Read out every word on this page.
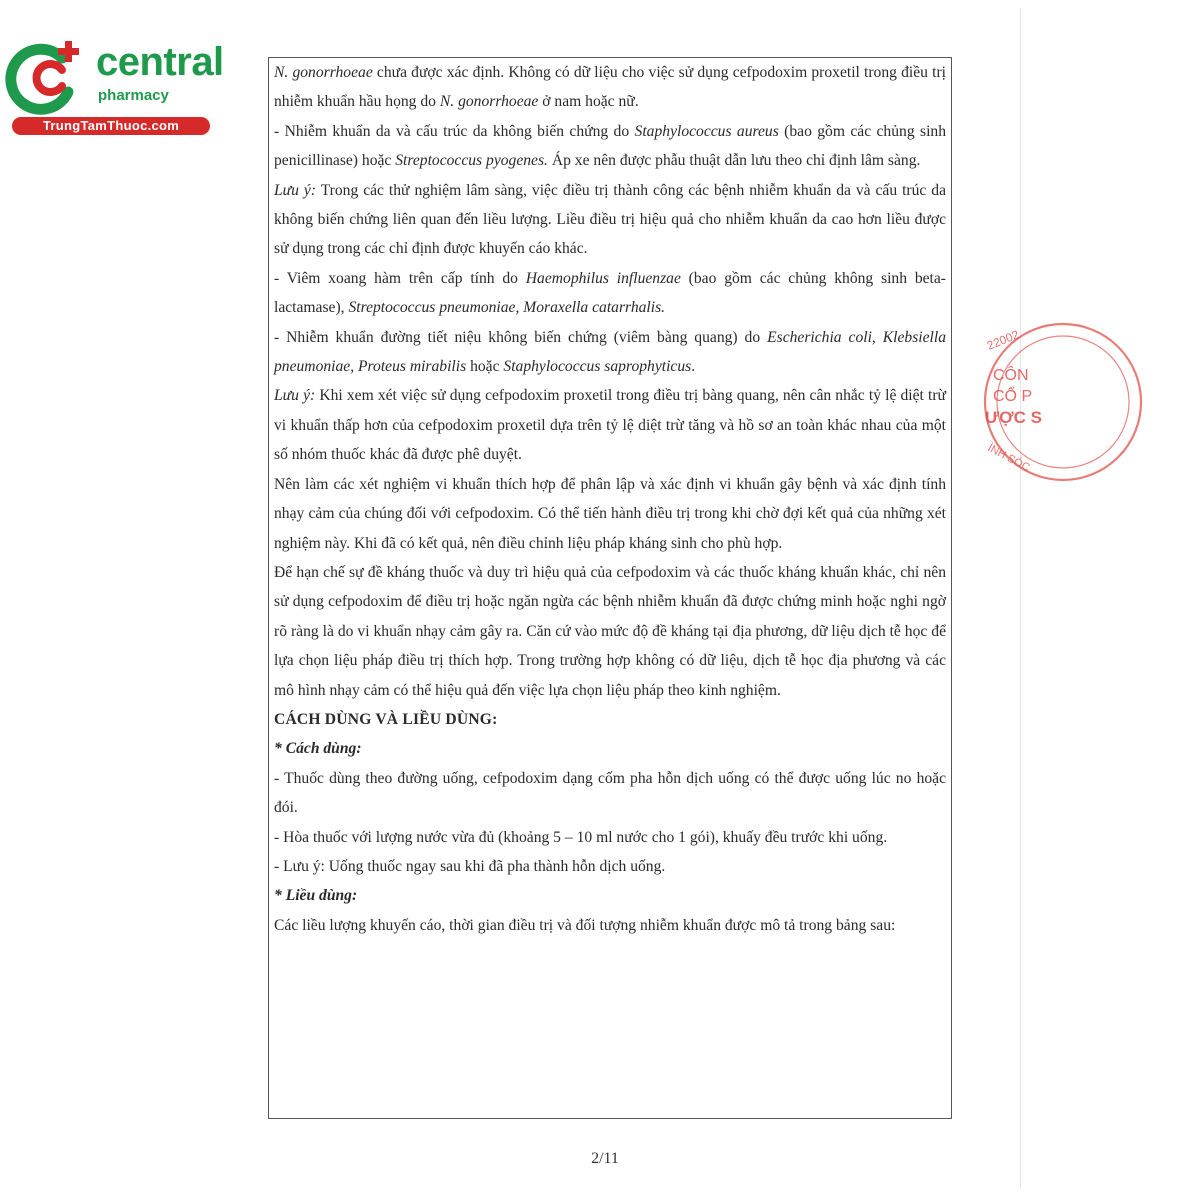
central
pharmacy
TrungTamThuoc.com
22002
CÔN
CỔ P
ƯỢC S
ÌNH SÓC

N. gonorrhoeae chưa được xác định. Không có dữ liệu cho việc sử dụng cefpodoxim proxetil trong điều trị nhiễm khuẩn hầu họng do N. gonorrhoeae ở nam hoặc nữ.

- Nhiễm khuẩn da và cấu trúc da không biến chứng do Staphylococcus aureus (bao gồm các chủng sinh penicillinase) hoặc Streptococcus pyogenes. Áp xe nên được phẫu thuật dẫn lưu theo chỉ định lâm sàng.

Lưu ý: Trong các thử nghiệm lâm sàng, việc điều trị thành công các bệnh nhiễm khuẩn da và cấu trúc da không biến chứng liên quan đến liều lượng. Liều điều trị hiệu quả cho nhiễm khuẩn da cao hơn liều được sử dụng trong các chỉ định được khuyến cáo khác.

- Viêm xoang hàm trên cấp tính do Haemophilus influenzae (bao gồm các chủng không sinh beta-lactamase), Streptococcus pneumoniae, Moraxella catarrhalis.

- Nhiễm khuẩn đường tiết niệu không biến chứng (viêm bàng quang) do Escherichia coli, Klebsiella pneumoniae, Proteus mirabilis hoặc Staphylococcus saprophyticus.

Lưu ý: Khi xem xét việc sử dụng cefpodoxim proxetil trong điều trị bàng quang, nên cân nhắc tỷ lệ diệt trừ vi khuẩn thấp hơn của cefpodoxim proxetil dựa trên tỷ lệ diệt trừ tăng và hồ sơ an toàn khác nhau của một số nhóm thuốc khác đã được phê duyệt.

Nên làm các xét nghiệm vi khuẩn thích hợp để phân lập và xác định vi khuẩn gây bệnh và xác định tính nhạy cảm của chúng đối với cefpodoxim. Có thể tiến hành điều trị trong khi chờ đợi kết quả của những xét nghiệm này. Khi đã có kết quả, nên điều chỉnh liệu pháp kháng sinh cho phù hợp.

Để hạn chế sự đề kháng thuốc và duy trì hiệu quả của cefpodoxim và các thuốc kháng khuẩn khác, chỉ nên sử dụng cefpodoxim để điều trị hoặc ngăn ngừa các bệnh nhiễm khuẩn đã được chứng minh hoặc nghi ngờ rõ ràng là do vi khuẩn nhạy cảm gây ra. Căn cứ vào mức độ đề kháng tại địa phương, dữ liệu dịch tễ học để lựa chọn liệu pháp điều trị thích hợp. Trong trường hợp không có dữ liệu, dịch tễ học địa phương và các mô hình nhạy cảm có thể hiệu quả đến việc lựa chọn liệu pháp theo kinh nghiệm.

CÁCH DÙNG VÀ LIỀU DÙNG:

* Cách dùng:

- Thuốc dùng theo đường uống, cefpodoxim dạng cốm pha hỗn dịch uống có thể được uống lúc no hoặc đói.

- Hòa thuốc với lượng nước vừa đủ (khoảng 5 – 10 ml nước cho 1 gói), khuấy đều trước khi uống.

- Lưu ý: Uống thuốc ngay sau khi đã pha thành hỗn dịch uống.

* Liều dùng:

Các liều lượng khuyến cáo, thời gian điều trị và đối tượng nhiễm khuẩn được mô tả trong bảng sau:

2/11
